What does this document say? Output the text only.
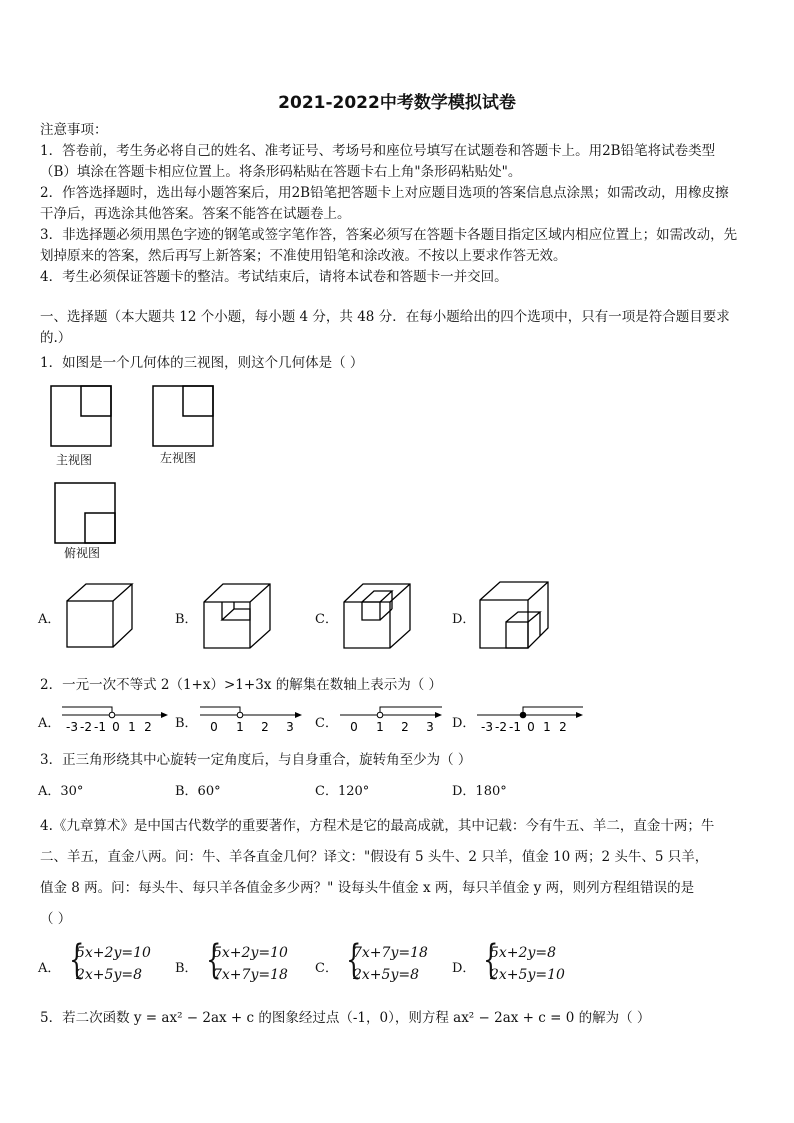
2021-2022中考数学模拟试卷
注意事项：
1．答卷前，考生务必将自己的姓名、准考证号、考场号和座位号填写在试题卷和答题卡上。用2B铅笔将试卷类型
（B）填涂在答题卡相应位置上。将条形码粘贴在答题卡右上角"条形码粘贴处"。
2．作答选择题时，选出每小题答案后，用2B铅笔把答题卡上对应题目选项的答案信息点涂黑；如需改动，用橡皮擦
干净后，再选涂其他答案。答案不能答在试题卷上。
3．非选择题必须用黑色字迹的钢笔或签字笔作答，答案必须写在答题卡各题目指定区域内相应位置上；如需改动，先
划掉原来的答案，然后再写上新答案；不准使用铅笔和涂改液。不按以上要求作答无效。
4．考生必须保证答题卡的整洁。考试结束后，请将本试卷和答题卡一并交回。
一、选择题（本大题共 12 个小题，每小题 4 分，共 48 分．在每小题给出的四个选项中，只有一项是符合题目要求
的.）
1．如图是一个几何体的三视图，则这个几何体是（ ）
主视图	左视图
俯视图
A．	B．	C．	D．
2．一元一次不等式 2（1+x）>1+3x 的解集在数轴上表示为（ ）
A． -3 -2 -1 0 1 2 B． 0 1 2 3 C． 0 1 2 3 D． -3 -2 -1 0 1 2
3．正三角形绕其中心旋转一定角度后，与自身重合，旋转角至少为（ ）
A．30°	B．60°	C．120°	D．180°
4.《九章算术》是中国古代数学的重要著作，方程术是它的最高成就，其中记载：今有牛五、羊二，直金十两；牛
二、羊五，直金八两。问：牛、羊各直金几何？译文："假设有 5 头牛、2 只羊，值金 10 两；2 头牛、5 只羊，
值金 8 两。问：每头牛、每只羊各值金多少两？" 设每头牛值金 x 两，每只羊值金 y 两，则列方程组错误的是
（ ）
A．
{ 5x+2y=10
2x+5y=8	B．
{ 5x+2y=10
7x+7y=18 C．
{ 7x+7y=18
2x+5y=8	D．
{ 5x+2y=8
2x+5y=10
5．若二次函数 y = ax² − 2ax + c 的图象经过点（-1，0），则方程 ax² − 2ax + c = 0 的解为（ ）
